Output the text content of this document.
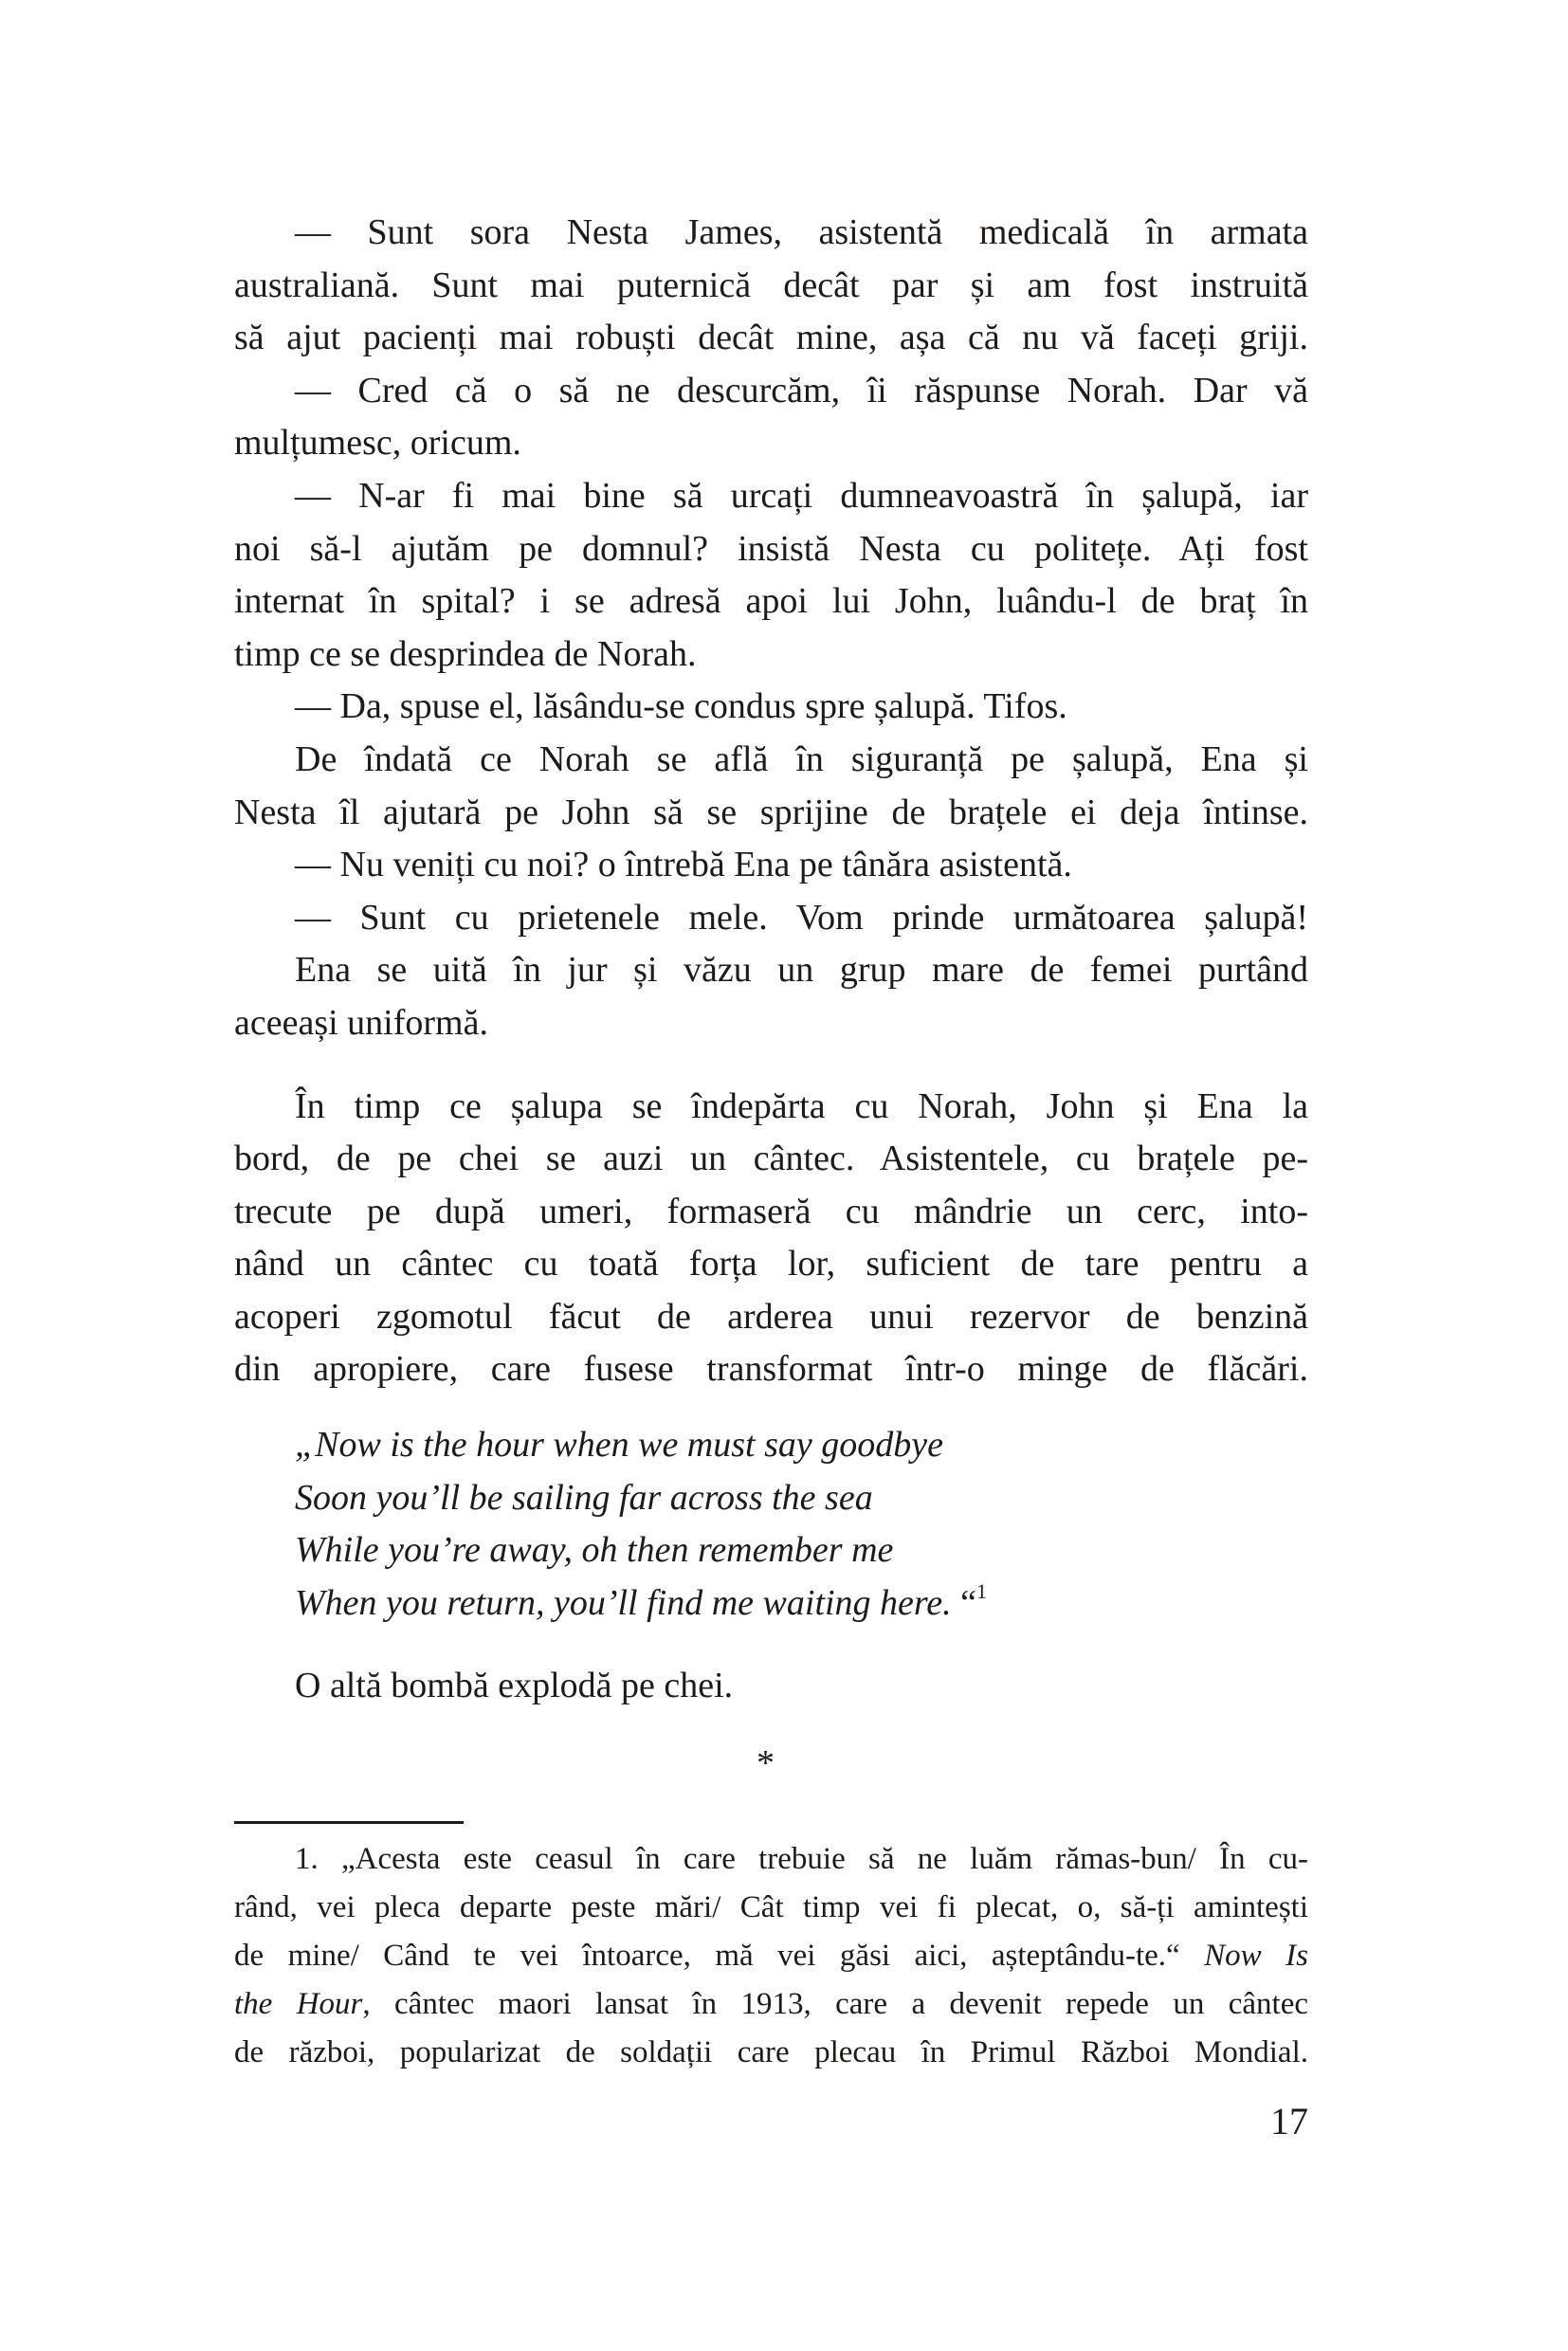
— Sunt sora Nesta James, asistentă medicală în armata
australiană. Sunt mai puternică decât par și am fost instruită
să ajut pacienți mai robuști decât mine, așa că nu vă faceți griji.
— Cred că o să ne descurcăm, îi răspunse Norah. Dar vă
mulțumesc, oricum.
— N-ar fi mai bine să urcați dumneavoastră în șalupă, iar
noi să-l ajutăm pe domnul? insistă Nesta cu politețe. Ați fost
internat în spital? i se adresă apoi lui John, luându-l de braț în
timp ce se desprindea de Norah.
— Da, spuse el, lăsându-se condus spre șalupă. Tifos.
De îndată ce Norah se află în siguranță pe șalupă, Ena și
Nesta îl ajutară pe John să se sprijine de brațele ei deja întinse.
— Nu veniți cu noi? o întrebă Ena pe tânăra asistentă.
— Sunt cu prietenele mele. Vom prinde următoarea șalupă!
Ena se uită în jur și văzu un grup mare de femei purtând
aceeași uniformă.
În timp ce șalupa se îndepărta cu Norah, John și Ena la
bord, de pe chei se auzi un cântec. Asistentele, cu brațele pe-
trecute pe după umeri, formaseră cu mândrie un cerc, into-
nând un cântec cu toată forța lor, suficient de tare pentru a
acoperi zgomotul făcut de arderea unui rezervor de benzină
din apropiere, care fusese transformat într-o minge de flăcări.
„Now is the hour when we must say goodbye
Soon you’ll be sailing far across the sea
While you’re away, oh then remember me
When you return, you’ll find me waiting here. “$^1$
O altă bombă explodă pe chei.
*
1. „Acesta este ceasul în care trebuie să ne luăm rămas-bun/ În cu-
rând, vei pleca departe peste mări/ Cât timp vei fi plecat, o, să-ți amintești
de mine/ Când te vei întoarce, mă vei găsi aici, așteptându-te.“ Now Is
the Hour, cântec maori lansat în 1913, care a devenit repede un cântec
de război, popularizat de soldații care plecau în Primul Război Mondial.
17
